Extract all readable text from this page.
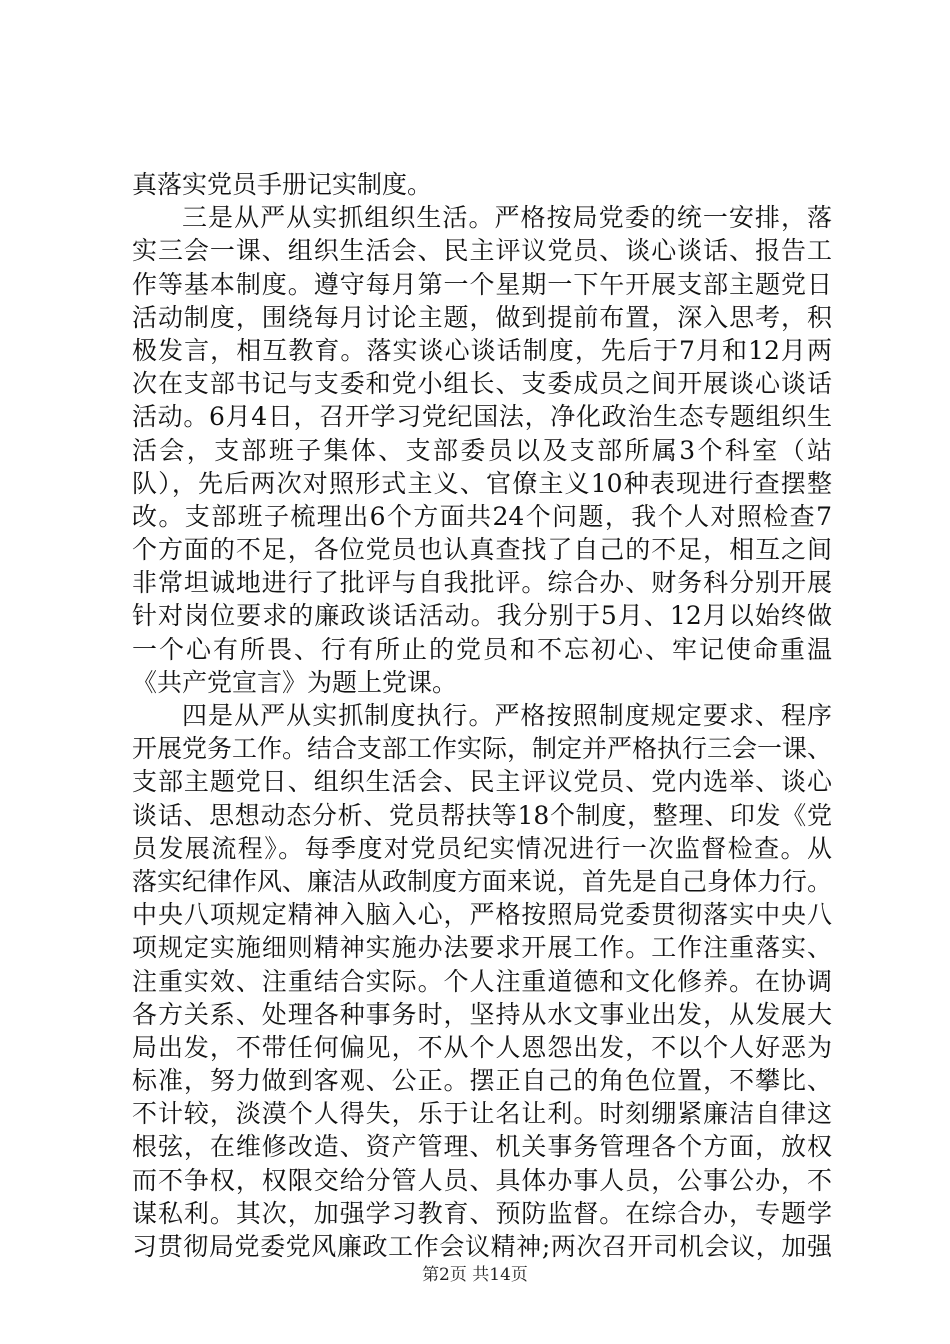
真落实党员手册记实制度。
三是从严从实抓组织生活。严格按局党委的统一安排，落
实三会一课、组织生活会、民主评议党员、谈心谈话、报告工
作等基本制度。遵守每月第一个星期一下午开展支部主题党日
活动制度，围绕每月讨论主题，做到提前布置，深入思考，积
极发言，相互教育。落实谈心谈话制度，先后于7月和12月两
次在支部书记与支委和党小组长、支委成员之间开展谈心谈话
活动。6月4日，召开学习党纪国法，净化政治生态专题组织生
活会，支部班子集体、支部委员以及支部所属3个科室（站
队），先后两次对照形式主义、官僚主义10种表现进行查摆整
改。支部班子梳理出6个方面共24个问题，我个人对照检查7
个方面的不足，各位党员也认真查找了自己的不足，相互之间
非常坦诚地进行了批评与自我批评。综合办、财务科分别开展
针对岗位要求的廉政谈话活动。我分别于5月、12月以始终做
一个心有所畏、行有所止的党员和不忘初心、牢记使命重温
《共产党宣言》为题上党课。
四是从严从实抓制度执行。严格按照制度规定要求、程序
开展党务工作。结合支部工作实际，制定并严格执行三会一课、
支部主题党日、组织生活会、民主评议党员、党内选举、谈心
谈话、思想动态分析、党员帮扶等18个制度，整理、印发《党
员发展流程》。每季度对党员纪实情况进行一次监督检查。从
落实纪律作风、廉洁从政制度方面来说，首先是自己身体力行。
中央八项规定精神入脑入心，严格按照局党委贯彻落实中央八
项规定实施细则精神实施办法要求开展工作。工作注重落实、
注重实效、注重结合实际。个人注重道德和文化修养。在协调
各方关系、处理各种事务时，坚持从水文事业出发，从发展大
局出发，不带任何偏见，不从个人恩怨出发，不以个人好恶为
标准，努力做到客观、公正。摆正自己的角色位置，不攀比、
不计较，淡漠个人得失，乐于让名让利。时刻绷紧廉洁自律这
根弦，在维修改造、资产管理、机关事务管理各个方面，放权
而不争权，权限交给分管人员、具体办事人员，公事公办，不
谋私利。其次，加强学习教育、预防监督。在综合办，专题学
习贯彻局党委党风廉政工作会议精神;两次召开司机会议，加强
第2页 共14页
